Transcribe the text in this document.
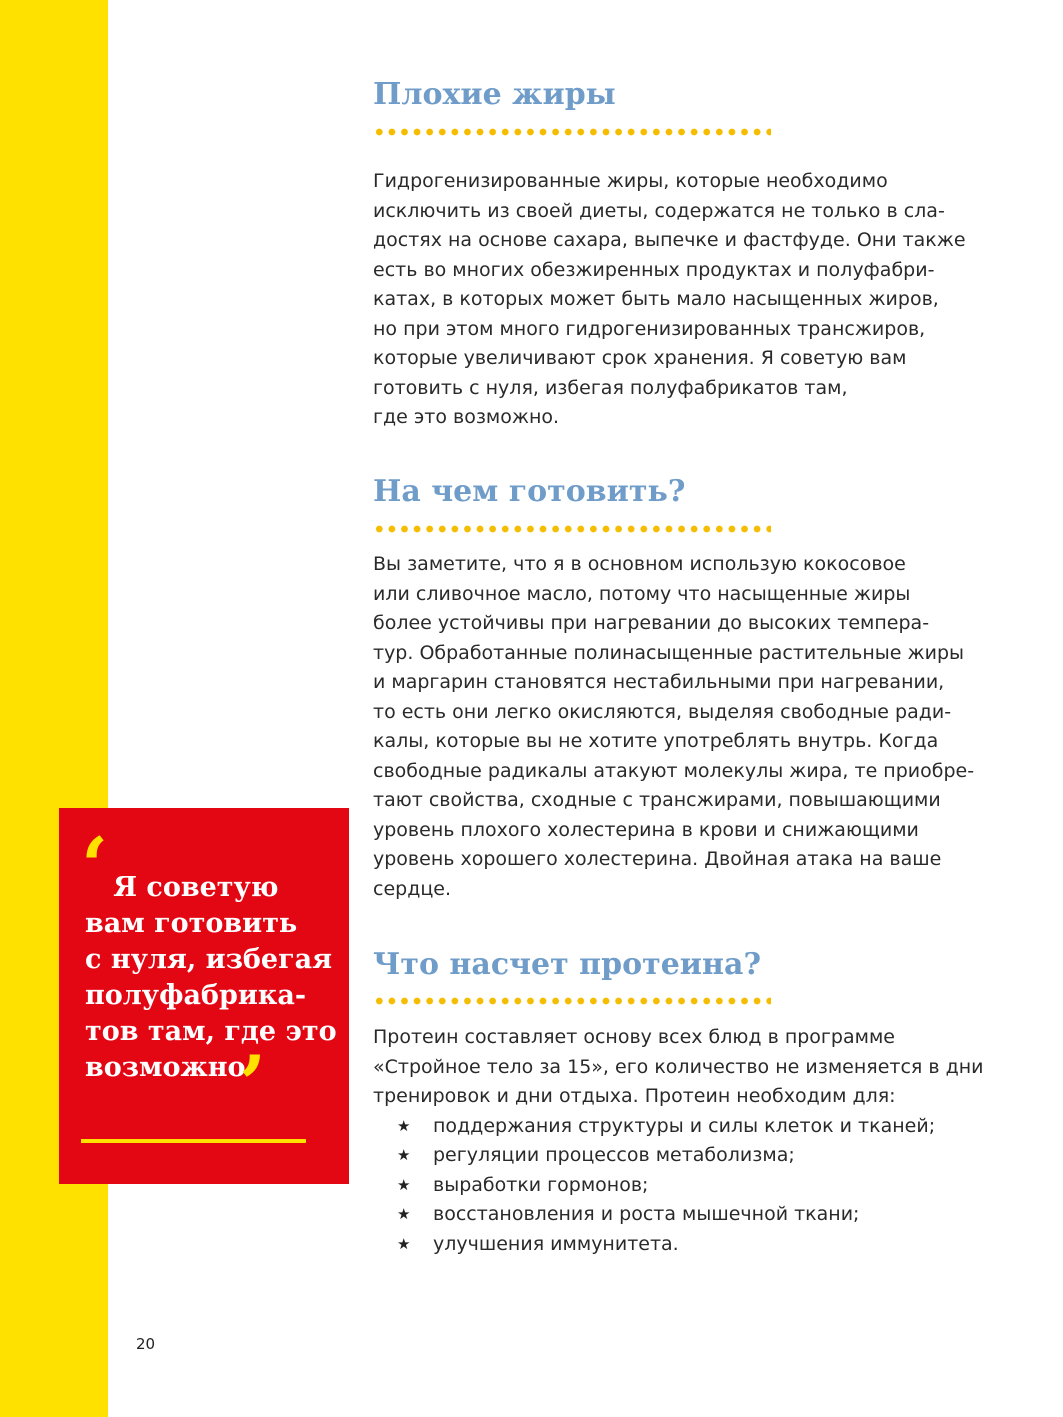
Плохие жиры

Гидрогенизированные жиры, которые необходимо
исключить из своей диеты, содержатся не только в сла-
достях на основе сахара, выпечке и фастфуде. Они также
есть во многих обезжиренных продуктах и полуфабри-
катах, в которых может быть мало насыщенных жиров,
но при этом много гидрогенизированных трансжиров,
которые увеличивают срок хранения. Я советую вам
готовить с нуля, избегая полуфабрикатов там,
где это возможно.

На чем готовить?

Вы заметите, что я в основном использую кокосовое
или сливочное масло, потому что насыщенные жиры
более устойчивы при нагревании до высоких темпера-
тур. Обработанные полинасыщенные растительные жиры
и маргарин становятся нестабильными при нагревании,
то есть они легко окисляются, выделяя свободные ради-
калы, которые вы не хотите употреблять внутрь. Когда
свободные радикалы атакуют молекулы жира, те приобре-
тают свойства, сходные с трансжирами, повышающими
уровень плохого холестерина в крови и снижающими
уровень хорошего холестерина. Двойная атака на ваше
сердце.

Что насчет протеина?

Протеин составляет основу всех блюд в программе
«Стройное тело за 15», его количество не изменяется в дни
тренировок и дни отдыха. Протеин необходим для:

★	поддержания структуры и силы клеток и тканей;
★	регуляции процессов метаболизма;
★	выработки гормонов;
★	восстановления и роста мышечной ткани;
★	улучшения иммунитета.
‘ Я советую
вам готовить
с нуля, избегая
полуфабрика-
тов там, где это
возможно

’
20
